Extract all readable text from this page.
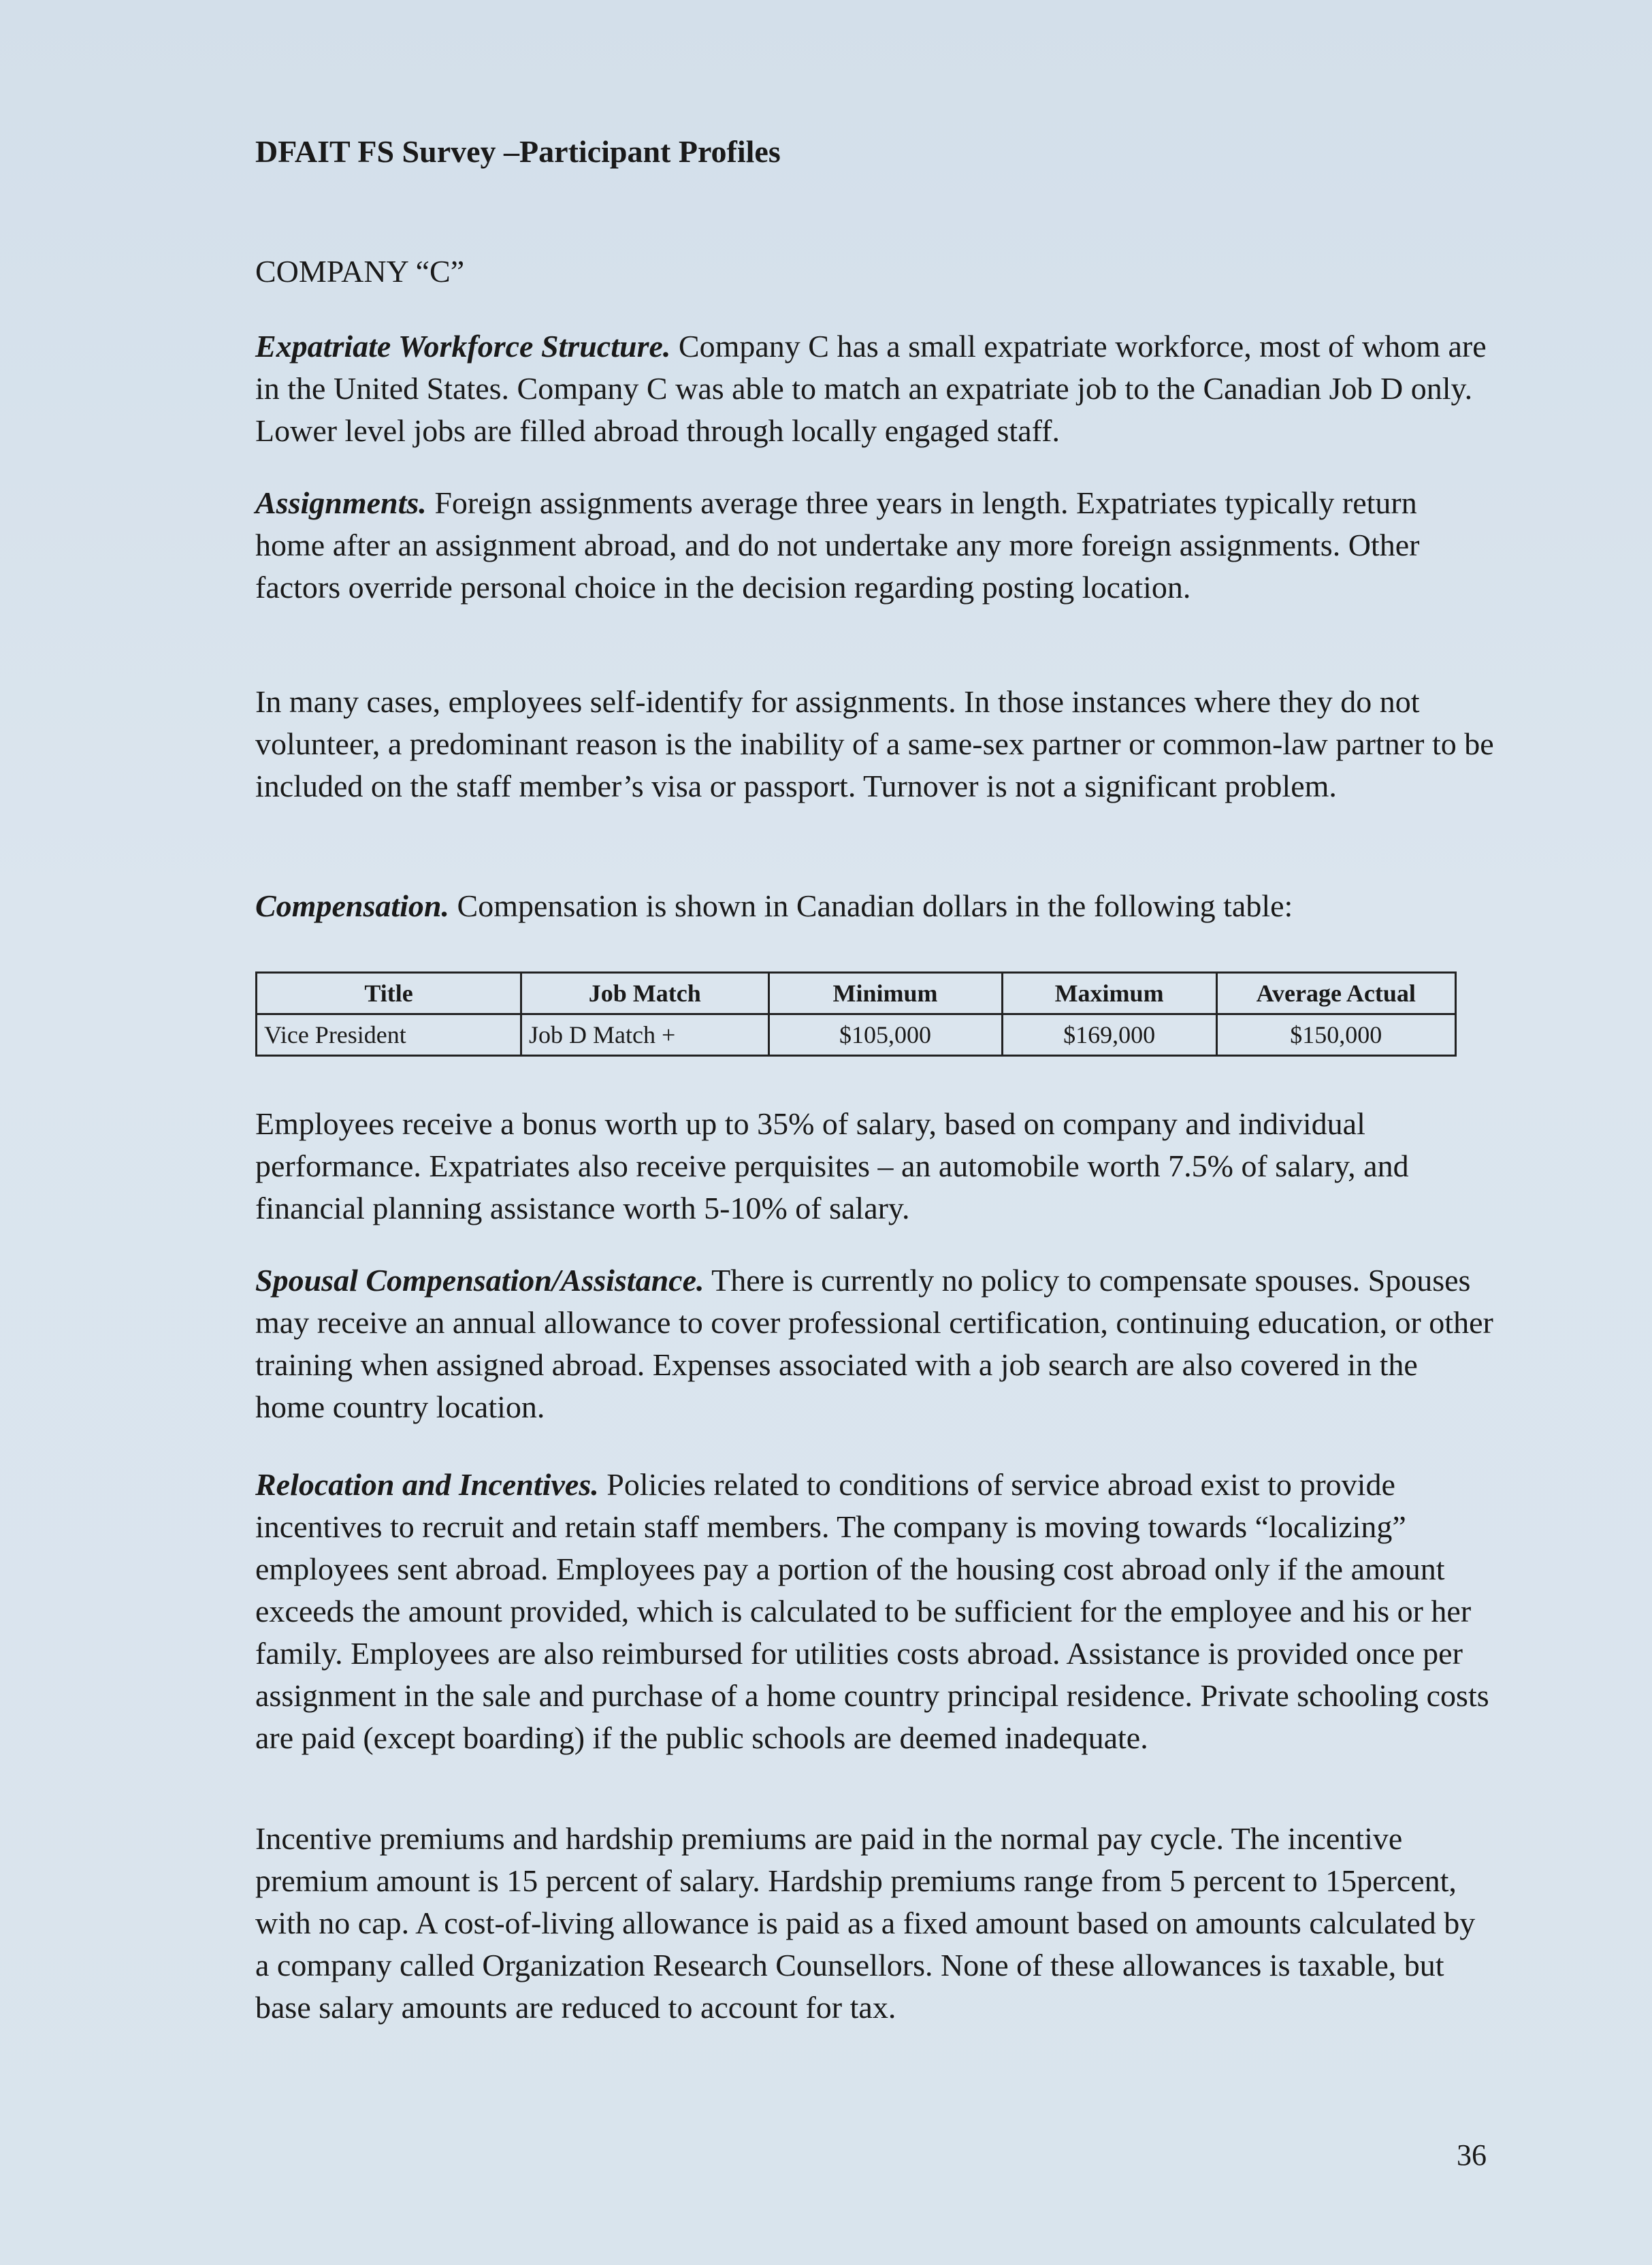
DFAIT FS Survey –Participant Profiles
COMPANY “C”

Expatriate Workforce Structure. Company C has a small expatriate workforce, most of whom are in the United States. Company C was able to match an expatriate job to the Canadian Job D only. Lower level jobs are filled abroad through locally engaged staff.

Assignments. Foreign assignments average three years in length. Expatriates typically return home after an assignment abroad, and do not undertake any more foreign assignments. Other factors override personal choice in the decision regarding posting location.

In many cases, employees self-identify for assignments. In those instances where they do not volunteer, a predominant reason is the inability of a same-sex partner or common-law partner to be included on the staff member’s visa or passport. Turnover is not a significant problem.

Compensation. Compensation is shown in Canadian dollars in the following table:

Title	Job Match	Minimum	Maximum	Average Actual
Vice President	Job D Match +	$105,000	$169,000	$150,000

Employees receive a bonus worth up to 35% of salary, based on company and individual performance. Expatriates also receive perquisites – an automobile worth 7.5% of salary, and financial planning assistance worth 5-10% of salary.

Spousal Compensation/Assistance. There is currently no policy to compensate spouses. Spouses may receive an annual allowance to cover professional certification, continuing education, or other training when assigned abroad. Expenses associated with a job search are also covered in the home country location.

Relocation and Incentives. Policies related to conditions of service abroad exist to provide incentives to recruit and retain staff members. The company is moving towards “localizing” employees sent abroad. Employees pay a portion of the housing cost abroad only if the amount exceeds the amount provided, which is calculated to be sufficient for the employee and his or her family. Employees are also reimbursed for utilities costs abroad. Assistance is provided once per assignment in the sale and purchase of a home country principal residence. Private schooling costs are paid (except boarding) if the public schools are deemed inadequate.

Incentive premiums and hardship premiums are paid in the normal pay cycle. The incentive premium amount is 15 percent of salary. Hardship premiums range from 5 percent to 15percent, with no cap. A cost-of-living allowance is paid as a fixed amount based on amounts calculated by a company called Organization Research Counsellors. None of these allowances is taxable, but base salary amounts are reduced to account for tax.

36
